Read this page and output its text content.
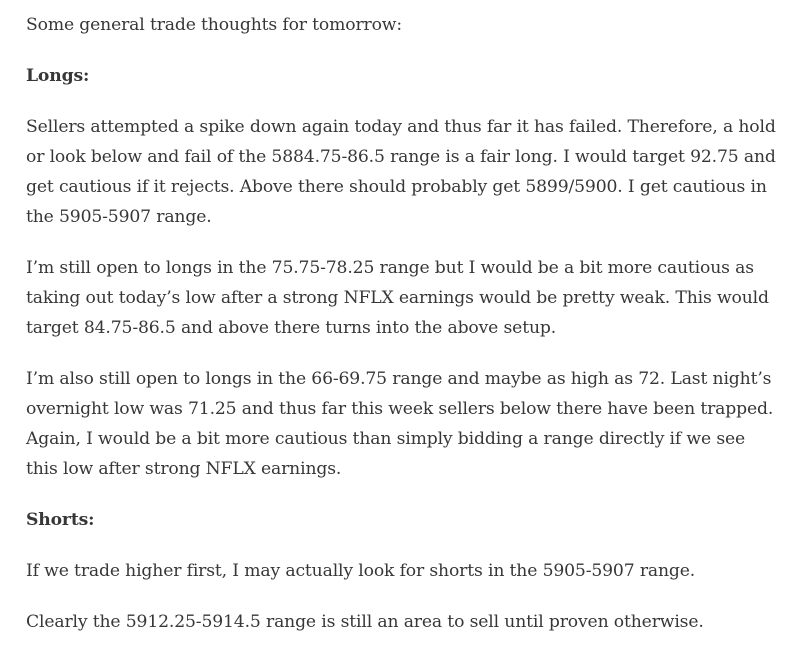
Some general trade thoughts for tomorrow:

Longs:

Sellers attempted a spike down again today and thus far it has failed. Therefore, a hold
or look below and fail of the 5884.75-86.5 range is a fair long. I would target 92.75 and
get cautious if it rejects. Above there should probably get 5899/5900. I get cautious in
the 5905-5907 range.

I’m still open to longs in the 75.75-78.25 range but I would be a bit more cautious as
taking out today’s low after a strong NFLX earnings would be pretty weak. This would
target 84.75-86.5 and above there turns into the above setup.

I’m also still open to longs in the 66-69.75 range and maybe as high as 72. Last night’s
overnight low was 71.25 and thus far this week sellers below there have been trapped.
Again, I would be a bit more cautious than simply bidding a range directly if we see
this low after strong NFLX earnings.

Shorts:

If we trade higher first, I may actually look for shorts in the 5905-5907 range.

Clearly the 5912.25-5914.5 range is still an area to sell until proven otherwise.
